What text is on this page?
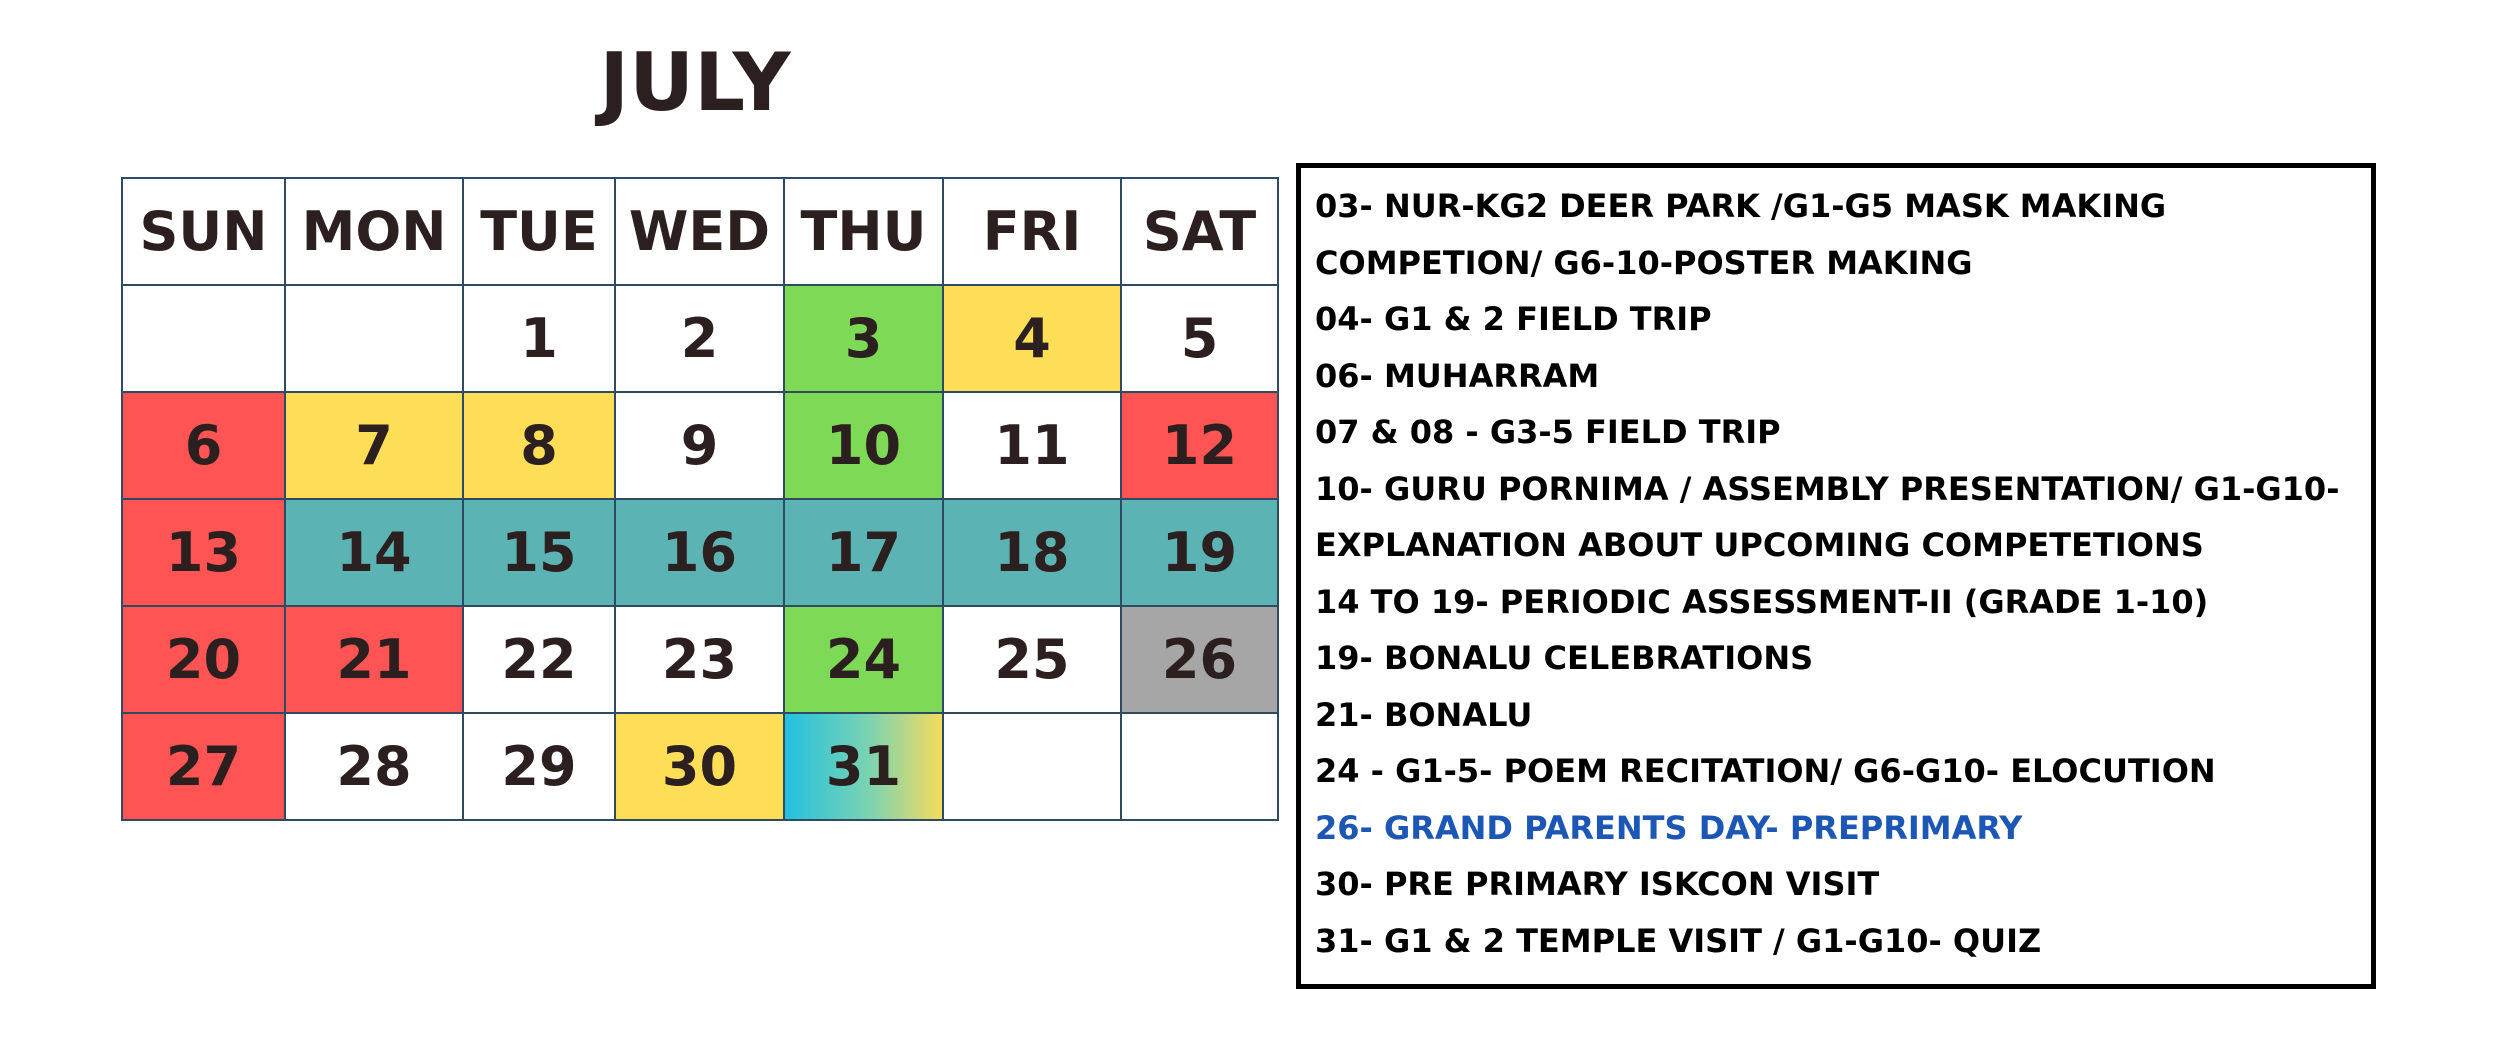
JULY
SUN	MON	TUE	WED	THU	FRI	SAT
		1	2	3	4	5
6	7	8	9	10	11	12
13	14	15	16	17	18	19
20	21	22	23	24	25	26
27	28	29	30	31		
03- NUR-KG2 DEER PARK /G1-G5 MASK MAKING
COMPETION/ G6-10-POSTER MAKING
04- G1 & 2 FIELD TRIP
06- MUHARRAM
07 & 08 - G3-5 FIELD TRIP
10- GURU PORNIMA / ASSEMBLY PRESENTATION/ G1-G10-
EXPLANATION ABOUT UPCOMING COMPETETIONS
14 TO 19- PERIODIC ASSESSMENT-II (GRADE 1-10)
19- BONALU CELEBRATIONS
21- BONALU
24 - G1-5- POEM RECITATION/ G6-G10- ELOCUTION
26- GRAND PARENTS DAY- PREPRIMARY
30- PRE PRIMARY ISKCON VISIT
31- G1 & 2 TEMPLE VISIT / G1-G10- QUIZ
